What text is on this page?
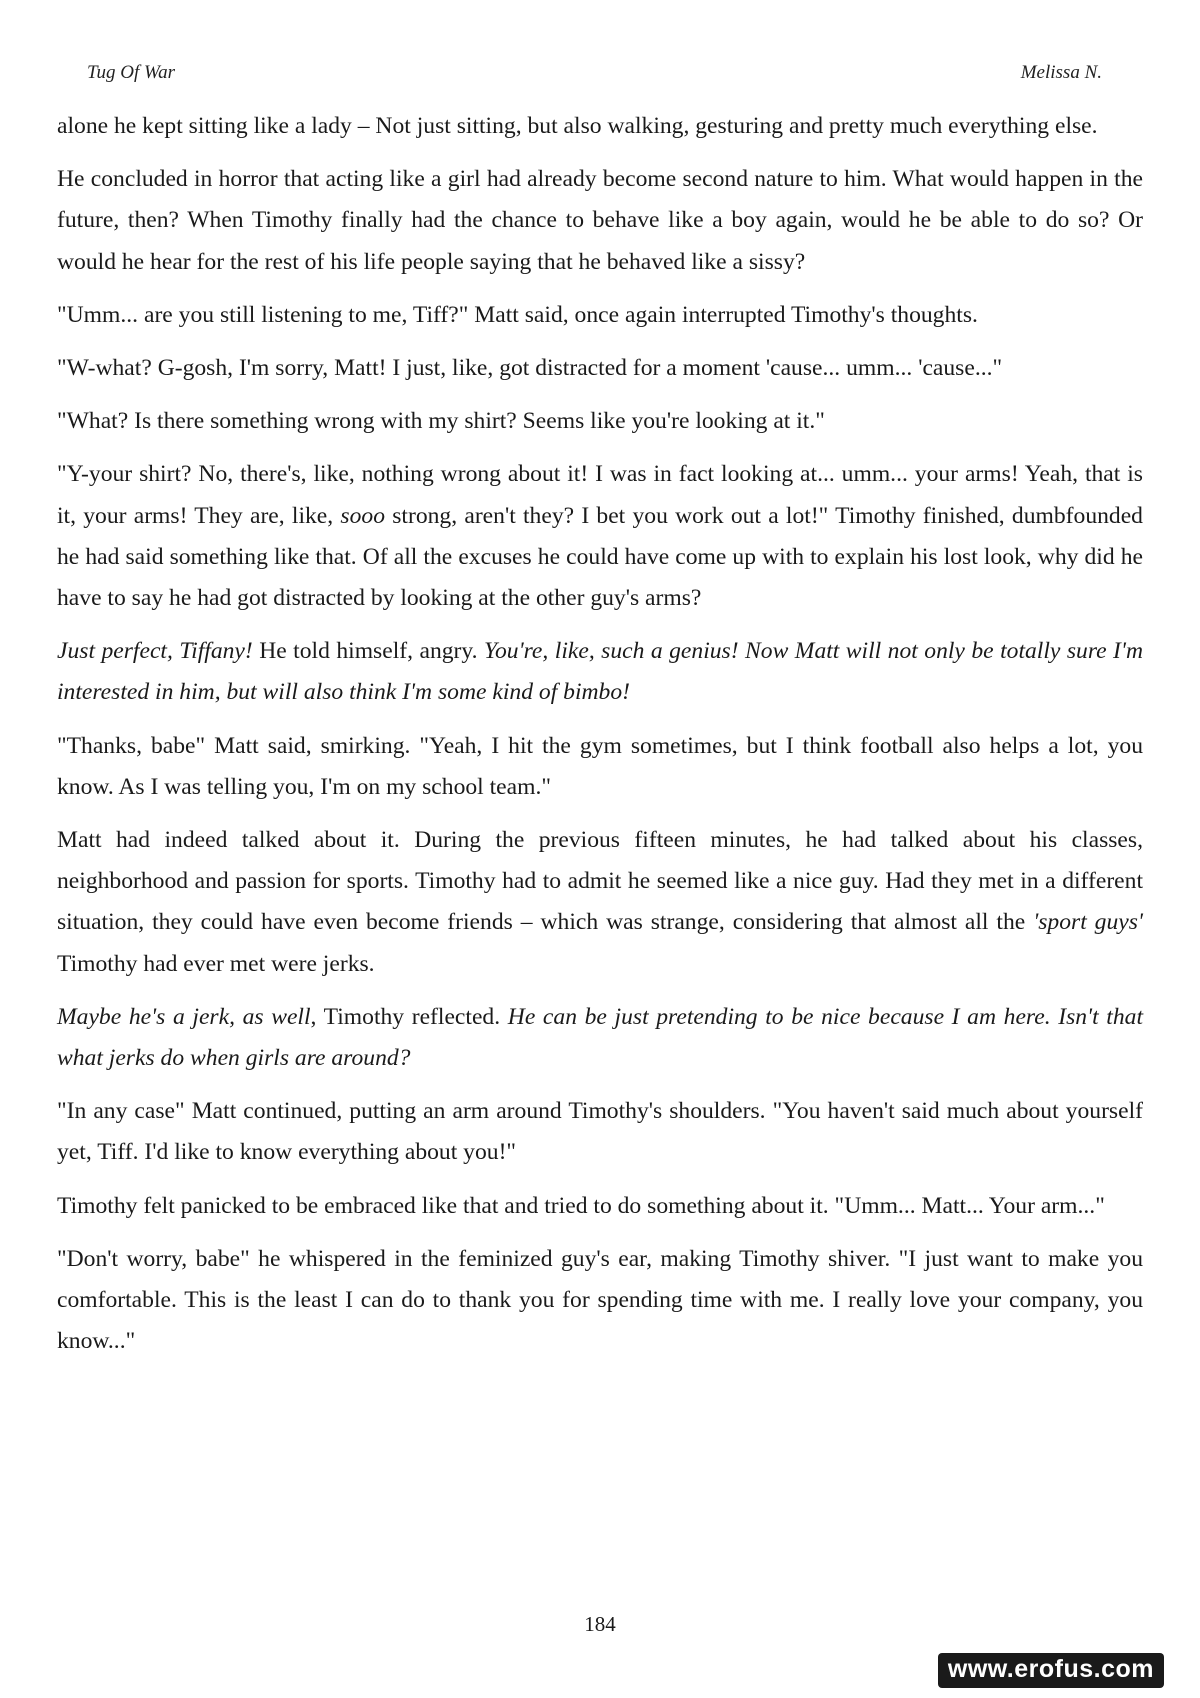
Tug Of War	Melissa N.

alone he kept sitting like a lady – Not just sitting, but also walking, gesturing and pretty much everything else.

He concluded in horror that acting like a girl had already become second nature to him. What would happen in the future, then? When Timothy finally had the chance to behave like a boy again, would he be able to do so? Or would he hear for the rest of his life people saying that he behaved like a sissy?

"Umm... are you still listening to me, Tiff?" Matt said, once again interrupted Timothy's thoughts.

"W-what? G-gosh, I'm sorry, Matt! I just, like, got distracted for a moment 'cause... umm... 'cause..."

"What? Is there something wrong with my shirt? Seems like you're looking at it."

"Y-your shirt? No, there's, like, nothing wrong about it! I was in fact looking at... umm... your arms! Yeah, that is it, your arms! They are, like, sooo strong, aren't they? I bet you work out a lot!" Timothy finished, dumbfounded he had said something like that. Of all the excuses he could have come up with to explain his lost look, why did he have to say he had got distracted by looking at the other guy's arms?

Just perfect, Tiffany! He told himself, angry. You're, like, such a genius! Now Matt will not only be totally sure I'm interested in him, but will also think I'm some kind of bimbo!

"Thanks, babe" Matt said, smirking. "Yeah, I hit the gym sometimes, but I think football also helps a lot, you know. As I was telling you, I'm on my school team."

Matt had indeed talked about it. During the previous fifteen minutes, he had talked about his classes, neighborhood and passion for sports. Timothy had to admit he seemed like a nice guy. Had they met in a different situation, they could have even become friends – which was strange, considering that almost all the 'sport guys' Timothy had ever met were jerks.

Maybe he's a jerk, as well, Timothy reflected. He can be just pretending to be nice because I am here. Isn't that what jerks do when girls are around?

"In any case" Matt continued, putting an arm around Timothy's shoulders. "You haven't said much about yourself yet, Tiff. I'd like to know everything about you!"

Timothy felt panicked to be embraced like that and tried to do something about it. "Umm... Matt... Your arm..."

"Don't worry, babe" he whispered in the feminized guy's ear, making Timothy shiver. "I just want to make you comfortable. This is the least I can do to thank you for spending time with me. I really love your company, you know..."

184
www.erofus.com
